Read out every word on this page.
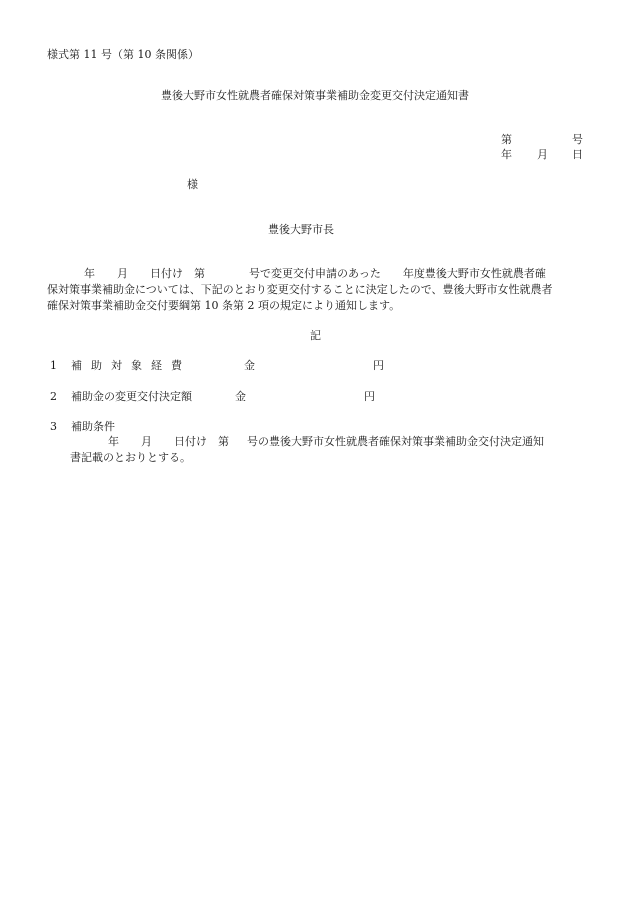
様式第 11 号（第 10 条関係）
豊後大野市女性就農者確保対策事業補助金変更交付決定通知書
第	号
年 月 日
様
豊後大野市長
年 月 日付け　第	号で変更交付申請のあった 年度豊後大野市女性就農者確
保対策事業補助金については、下記のとおり変更交付することに決定したので、豊後大野市女性就農者
確保対策事業補助金交付要綱第 10 条第 2 項の規定により通知します。
記
1 補助対象経費	金	円
2 補助金の変更交付決定額	金	円
3 補助条件
年 月 日付け　第 号の豊後大野市女性就農者確保対策事業補助金交付決定通知
書記載のとおりとする。
